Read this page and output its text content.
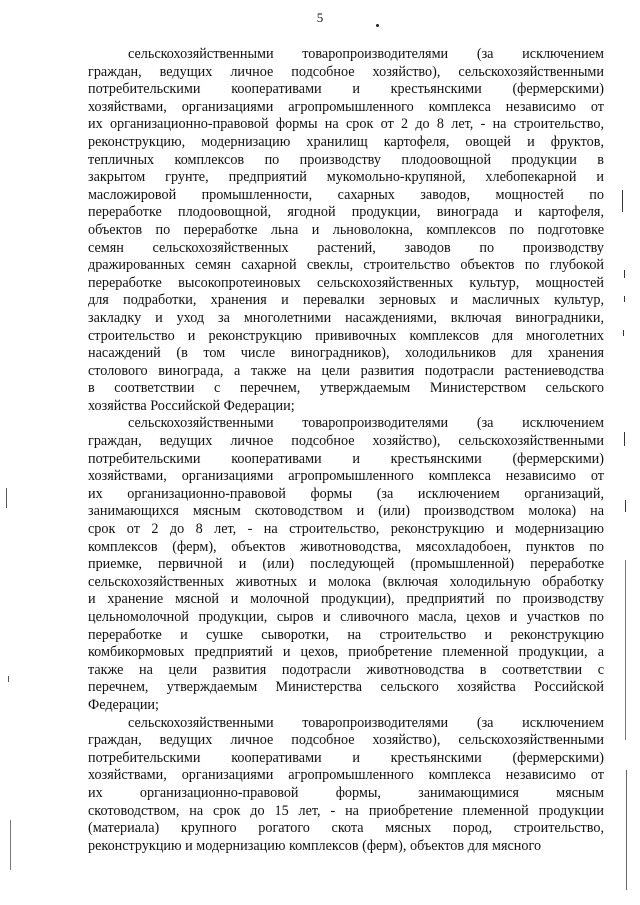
5
сельскохозяйственными товаропроизводителями (за исключением
граждан, ведущих личное подсобное хозяйство), сельскохозяйственными
потребительскими кооперативами и крестьянскими (фермерскими)
хозяйствами, организациями агропромышленного комплекса независимо от
их организационно-правовой формы на срок от 2 до 8 лет, - на строительство,
реконструкцию, модернизацию хранилищ картофеля, овощей и фруктов,
тепличных комплексов по производству плодоовощной продукции в
закрытом грунте, предприятий мукомольно-крупяной, хлебопекарной и
масложировой промышленности, сахарных заводов, мощностей по
переработке плодоовощной, ягодной продукции, винограда и картофеля,
объектов по переработке льна и льноволокна, комплексов по подготовке
семян сельскохозяйственных растений, заводов по производству
дражированных семян сахарной свеклы, строительство объектов по глубокой
переработке высокопротеиновых сельскохозяйственных культур, мощностей
для подработки, хранения и перевалки зерновых и масличных культур,
закладку и уход за многолетними насаждениями, включая виноградники,
строительство и реконструкцию прививочных комплексов для многолетних
насаждений (в том числе виноградников), холодильников для хранения
столового винограда, а также на цели развития подотрасли растениеводства
в соответствии с перечнем, утверждаемым Министерством сельского
хозяйства Российской Федерации;
сельскохозяйственными товаропроизводителями (за исключением
граждан, ведущих личное подсобное хозяйство), сельскохозяйственными
потребительскими кооперативами и крестьянскими (фермерскими)
хозяйствами, организациями агропромышленного комплекса независимо от
их организационно-правовой формы (за исключением организаций,
занимающихся мясным скотоводством и (или) производством молока) на
срок от 2 до 8 лет, - на строительство, реконструкцию и модернизацию
комплексов (ферм), объектов животноводства, мясохладобоен, пунктов по
приемке, первичной и (или) последующей (промышленной) переработке
сельскохозяйственных животных и молока (включая холодильную обработку
и хранение мясной и молочной продукции), предприятий по производству
цельномолочной продукции, сыров и сливочного масла, цехов и участков по
переработке и сушке сыворотки, на строительство и реконструкцию
комбикормовых предприятий и цехов, приобретение племенной продукции, а
также на цели развития подотрасли животноводства в соответствии с
перечнем, утверждаемым Министерства сельского хозяйства Российской
Федерации;
сельскохозяйственными товаропроизводителями (за исключением
граждан, ведущих личное подсобное хозяйство), сельскохозяйственными
потребительскими кооперативами и крестьянскими (фермерскими)
хозяйствами, организациями агропромышленного комплекса независимо от
их организационно-правовой формы, занимающимися мясным
скотоводством, на срок до 15 лет, - на приобретение племенной продукции
(материала) крупного рогатого скота мясных пород, строительство,
реконструкцию и модернизацию комплексов (ферм), объектов для мясного
